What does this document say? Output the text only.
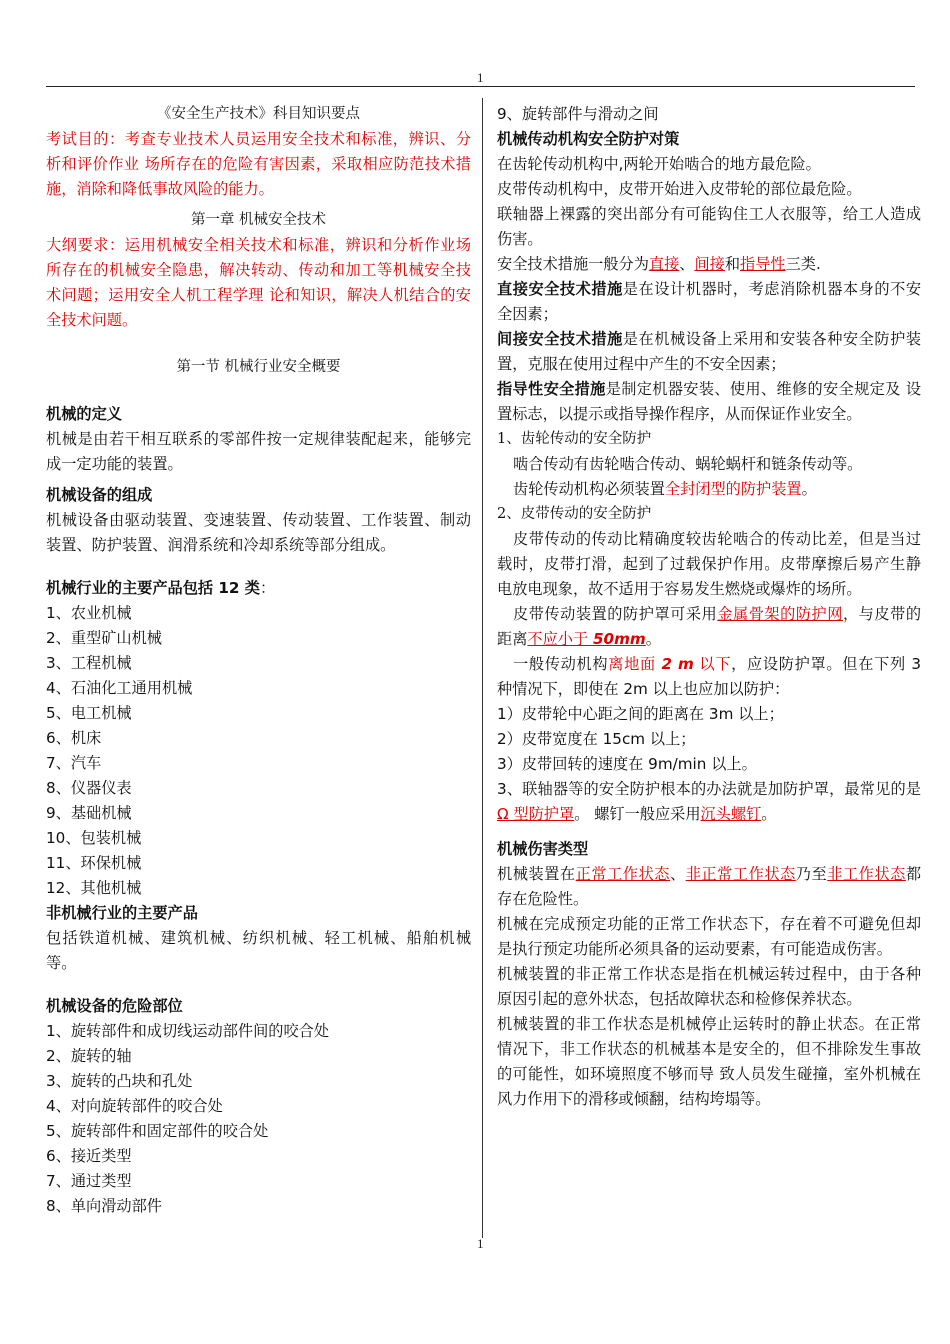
1

《安全生产技术》科目知识要点

考试目的：考查专业技术人员运用安全技术和标准，辨识、分析和评价作业 场所存在的危险有害因素，采取相应防范技术措施，消除和降低事故风险的能力。

第一章 机械安全技术

大纲要求：运用机械安全相关技术和标准，辨识和分析作业场所存在的机械安全隐患，解决转动、传动和加工等机械安全技术问题；运用安全人机工程学理 论和知识，解决人机结合的安全技术问题。

第一节 机械行业安全概要

机械的定义

机械是由若干相互联系的零部件按一定规律装配起来，能够完成一定功能的装置。

机械设备的组成

机械设备由驱动装置、变速装置、传动装置、工作装置、制动装置、防护装置、润滑系统和冷却系统等部分组成。

机械行业的主要产品包括 12 类：

1、农业机械

2、重型矿山机械

3、工程机械

4、石油化工通用机械

5、电工机械

6、机床

7、汽车

8、仪器仪表

9、基础机械

10、包装机械

11、环保机械

12、其他机械

非机械行业的主要产品

包括铁道机械、建筑机械、纺织机械、轻工机械、船舶机械等。

机械设备的危险部位

1、旋转部件和成切线运动部件间的咬合处

2、旋转的轴

3、旋转的凸块和孔处

4、对向旋转部件的咬合处

5、旋转部件和固定部件的咬合处

6、接近类型

7、通过类型

8、单向滑动部件

9、旋转部件与滑动之间

机械传动机构安全防护对策

在齿轮传动机构中,两轮开始啮合的地方最危险。

皮带传动机构中，皮带开始进入皮带轮的部位最危险。

联轴器上裸露的突出部分有可能钩住工人衣服等，给工人造成伤害。

安全技术措施一般分为直接、间接和指导性三类.

直接安全技术措施是在设计机器时，考虑消除机器本身的不安全因素；

间接安全技术措施是在机械设备上采用和安装各种安全防护装置，克服在使用过程中产生的不安全因素；

指导性安全措施是制定机器安装、使用、维修的安全规定及 设置标志，以提示或指导操作程序，从而保证作业安全。

1、齿轮传动的安全防护

啮合传动有齿轮啮合传动、蜗轮蜗杆和链条传动等。

齿轮传动机构必须装置全封闭型的防护装置。

2、皮带传动的安全防护

皮带传动的传动比精确度较齿轮啮合的传动比差，但是当过载时，皮带打滑，起到了过载保护作用。皮带摩擦后易产生静电放电现象，故不适用于容易发生燃烧或爆炸的场所。

皮带传动装置的防护罩可采用金属骨架的防护网，与皮带的距离不应小于 50mm。

一般传动机构离地面 2 m 以下，应设防护罩。但在下列 3 种情况下，即使在 2m 以上也应加以防护：

1）皮带轮中心距之间的距离在 3m 以上；

2）皮带宽度在 15cm 以上；

3）皮带回转的速度在 9m/min 以上。

3、联轴器等的安全防护根本的办法就是加防护罩，最常见的是 Ω 型防护罩。 螺钉一般应采用沉头螺钉。

机械伤害类型

机械装置在正常工作状态、非正常工作状态乃至非工作状态都存在危险性。

机械在完成预定功能的正常工作状态下，存在着不可避免但却是执行预定功能所必须具备的运动要素，有可能造成伤害。

机械装置的非正常工作状态是指在机械运转过程中，由于各种原因引起的意外状态，包括故障状态和检修保养状态。

机械装置的非工作状态是机械停止运转时的静止状态。在正常情况下，非工作状态的机械基本是安全的，但不排除发生事故的可能性，如环境照度不够而导 致人员发生碰撞，室外机械在风力作用下的滑移或倾翻，结构垮塌等。

1
